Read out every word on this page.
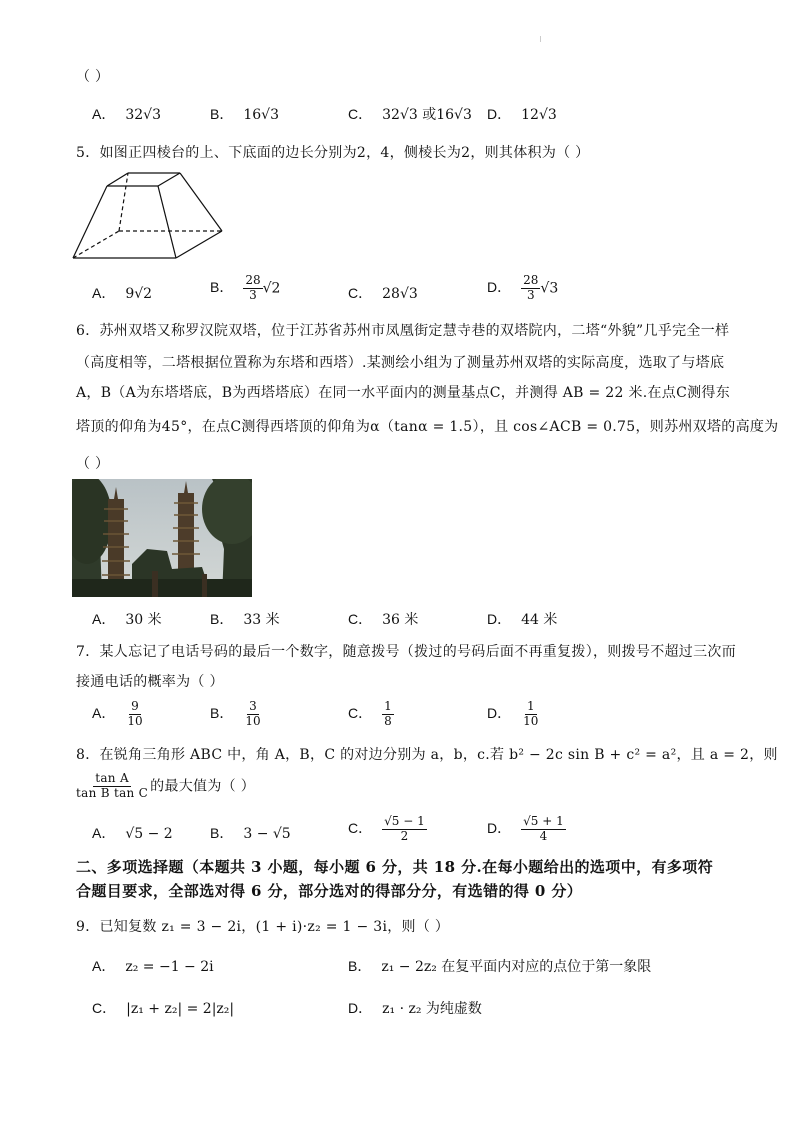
（ ）
A． 32√3	B． 16√3	C． 32√3 或16√3 D． 12√3
5．如图正四棱台的上、下底面的边长分别为2，4，侧棱长为2，则其体积为（ ）
A． 9√2	B． $\frac{28}{3} √2$	C． 28√3	D． $\frac{28}{3} √3$
6．苏州双塔又称罗汉院双塔，位于江苏省苏州市凤凰街定慧寺巷的双塔院内，二塔“外貌”几乎完全一样
（高度相等，二塔根据位置称为东塔和西塔）.某测绘小组为了测量苏州双塔的实际高度，选取了与塔底
A，B（A为东塔塔底，B为西塔塔底）在同一水平面内的测量基点C，并测得 AB = 22 米.在点C测得东
塔顶的仰角为45°，在点C测得西塔顶的仰角为α（tanα = 1.5），且 cos∠ACB = 0.75，则苏州双塔的高度为
（ ）
A． 30 米	B． 33 米	C． 36 米	D． 44 米
7．某人忘记了电话号码的最后一个数字，随意拨号（拨过的号码后面不再重复拨），则拨号不超过三次而
接通电话的概率为（ ）
A． $\frac{9}{10}$	B． $\frac{3}{10}$	C． $\frac{1}{8}$	D． $\frac{1}{10}$
8．在锐角三角形 ABC 中，角 A，B，C 的对边分别为 a，b，c.若 b² − 2c sin B + c² = a²，且 a = 2，则
$\frac{\text{tan A}}{\text{tan B tan C}}$ 的最大值为（ ）
A． √5 − 2	B． 3 − √5	C． $\frac{√5 - 1}{2}$	D． $\frac{√5 + 1}{4}$
二、多项选择题（本题共 3 小题，每小题 6 分，共 18 分.在每小题给出的选项中，有多项符
合题目要求，全部选对得 6 分，部分选对的得部分分，有选错的得 0 分）
9．已知复数 z₁ = 3 − 2i，(1 + i)·z₂ = 1 − 3i，则（ ）
A． z₂ = −1 − 2i	B． z₁ − 2z₂ 在复平面内对应的点位于第一象限
C． |z₁ + z₂| = 2|z₂|	D． z₁ · z₂ 为纯虚数
